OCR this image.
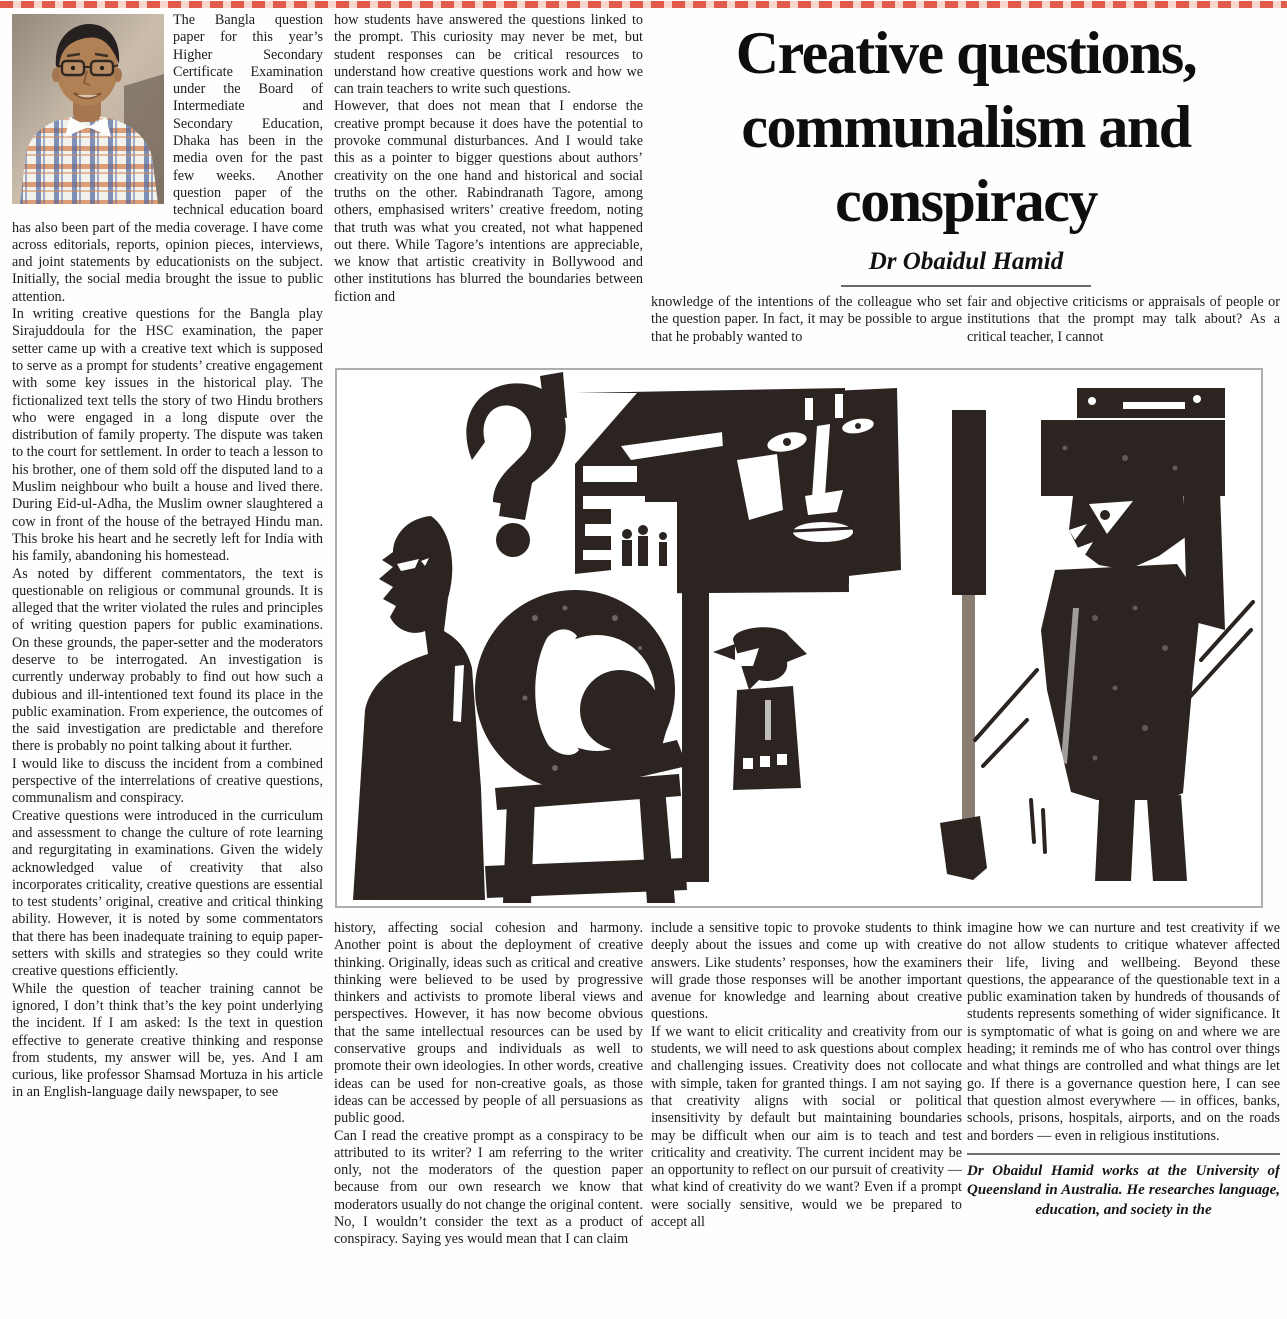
The Bangla question paper for this year’s Higher Secondary Certificate Examination under the Board of Intermediate and Secondary Education, Dhaka has been in the media oven for the past few weeks. Another question paper of the technical education board has also been part of the media coverage. I have come across editorials, reports, opinion pieces, interviews, and joint statements by educationists on the subject. Initially, the social media brought the issue to public attention.

In writing creative questions for the Bangla play Sirajuddoula for the HSC examination, the paper setter came up with a creative text which is supposed to serve as a prompt for students’ creative engagement with some key issues in the historical play. The fictionalized text tells the story of two Hindu brothers who were engaged in a long dispute over the distribution of family property. The dispute was taken to the court for settlement. In order to teach a lesson to his brother, one of them sold off the disputed land to a Muslim neighbour who built a house and lived there. During Eid-ul-Adha, the Muslim owner slaughtered a cow in front of the house of the betrayed Hindu man. This broke his heart and he secretly left for India with his family, abandoning his homestead.

As noted by different commentators, the text is questionable on religious or communal grounds. It is alleged that the writer violated the rules and principles of writing question papers for public examinations. On these grounds, the paper-setter and the moderators deserve to be interrogated. An investigation is currently underway probably to find out how such a dubious and ill-intentioned text found its place in the public examination. From experience, the outcomes of the said investigation are predictable and therefore there is probably no point talking about it further.

I would like to discuss the incident from a combined perspective of the interrelations of creative questions, communalism and conspiracy.

Creative questions were introduced in the curriculum and assessment to change the culture of rote learning and regurgitating in examinations. Given the widely acknowledged value of creativity that also incorporates criticality, creative questions are essential to test students’ original, creative and critical thinking ability. However, it is noted by some commentators that there has been inadequate training to equip paper-setters with skills and strategies so they could write creative questions efficiently.

While the question of teacher training cannot be ignored, I don’t think that’s the key point underlying the incident. If I am asked: Is the text in question effective to generate creative thinking and response from students, my answer will be, yes. And I am curious, like professor Shamsad Mortuza in his article in an English-language daily newspaper, to see

how students have answered the questions linked to the prompt. This curiosity may never be met, but student responses can be critical resources to understand how creative questions work and how we can train teachers to write such questions.

However, that does not mean that I endorse the creative prompt because it does have the potential to provoke communal disturbances. And I would take this as a pointer to bigger questions about authors’ creativity on the one hand and historical and social truths on the other. Rabindranath Tagore, among others, emphasised writers’ creative freedom, noting that truth was what you created, not what happened out there. While Tagore’s intentions are appreciable, we know that artistic creativity in Bollywood and other institutions has blurred the boundaries between fiction and

Creative questions,
communalism and
conspiracy
Dr Obaidul Hamid

knowledge of the intentions of the colleague who set the question paper. In fact, it may be possible to argue that he probably wanted to

fair and objective criticisms or appraisals of people or institutions that the prompt may talk about? As a critical teacher, I cannot

50-

history, affecting social cohesion and harmony. Another point is about the deployment of creative thinking. Originally, ideas such as critical and creative thinking were believed to be used by progressive thinkers and activists to promote liberal views and perspectives. However, it has now become obvious that the same intellectual resources can be used by conservative groups and individuals as well to promote their own ideologies. In other words, creative ideas can be used for non-creative goals, as those ideas can be accessed by people of all persuasions as public good.

Can I read the creative prompt as a conspiracy to be attributed to its writer? I am referring to the writer only, not the moderators of the question paper because from our own research we know that moderators usually do not change the original content. No, I wouldn’t consider the text as a product of conspiracy. Saying yes would mean that I can claim

include a sensitive topic to provoke students to think deeply about the issues and come up with creative answers. Like students’ responses, how the examiners will grade those responses will be another important avenue for knowledge and learning about creative questions.

If we want to elicit criticality and creativity from our students, we will need to ask questions about complex and challenging issues. Creativity does not collocate with simple, taken for granted things. I am not saying that creativity aligns with social or political insensitivity by default but maintaining boundaries may be difficult when our aim is to teach and test criticality and creativity. The current incident may be an opportunity to reflect on our pursuit of creativity — what kind of creativity do we want? Even if a prompt were socially sensitive, would we be prepared to accept all

imagine how we can nurture and test creativity if we do not allow students to critique whatever affected their life, living and wellbeing. Beyond these questions, the appearance of the questionable text in a public examination taken by hundreds of thousands of students represents something of wider significance. It is symptomatic of what is going on and where we are heading; it reminds me of who has control over things and what things are controlled and what things are let go. If there is a governance question here, I can see that question almost everywhere — in offices, banks, schools, prisons, hospitals, airports, and on the roads and borders — even in religious institutions.

Dr Obaidul Hamid works at the University of Queensland in Australia. He researches language, education, and society in the
